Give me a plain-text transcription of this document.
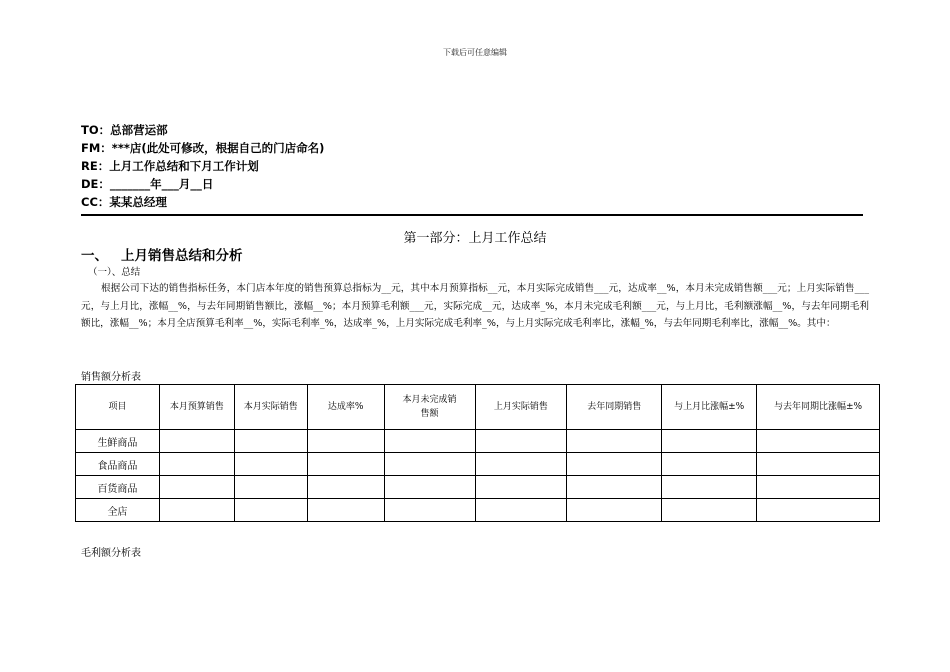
下载后可任意编辑
TO：总部营运部
FM：***店(此处可修改，根据自己的门店命名)
RE：上月工作总结和下月工作计划
DE：_______年___月__日
CC：某某总经理
第一部分：上月工作总结
一、 上月销售总结和分析
（一）、总结
根据公司下达的销售指标任务，本门店本年度的销售预算总指标为__元，其中本月预算指标__元，本月实际完成销售___元，达成率__%，本月未完成销售额___元；上月实际销售___元，与上月比，涨幅__%，与去年同期销售额比，涨幅__%；本月预算毛利额___元，实际完成__元，达成率_%，本月未完成毛利额___元，与上月比，毛利额涨幅__%，与去年同期毛利额比，涨幅__%；本月全店预算毛利率__%，实际毛利率_%，达成率_%，上月实际完成毛利率_%，与上月实际完成毛利率比，涨幅_%，与去年同期毛利率比，涨幅__%。其中：
销售额分析表
项目	本月预算销售	本月实际销售	达成率%	本月未完成销售额	上月实际销售	去年同期销售	与上月比涨幅±%	与去年同期比涨幅±%
生鲜商品								
食品商品								
百货商品								
全店								
毛利额分析表
